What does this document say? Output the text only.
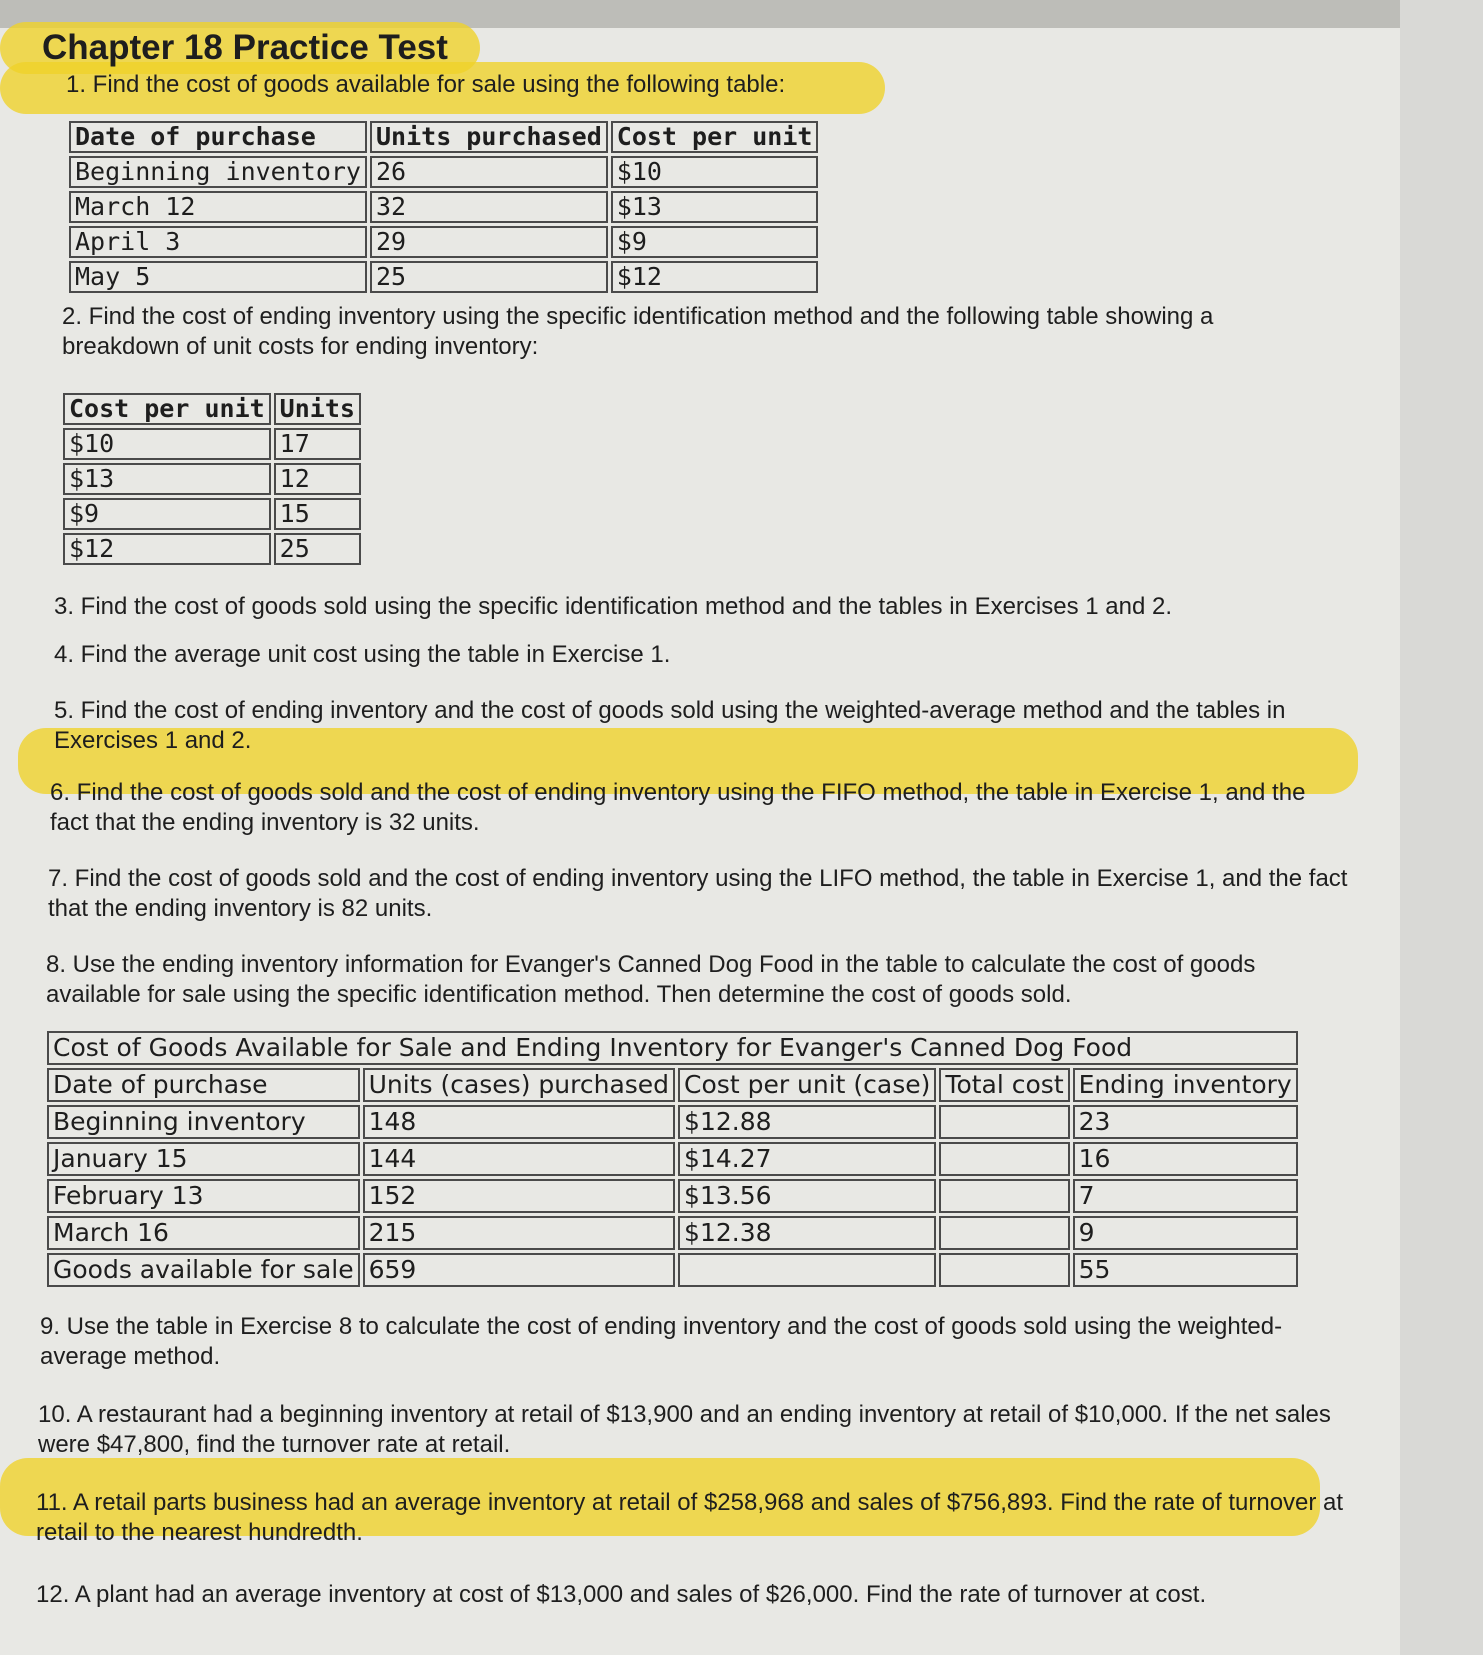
Chapter 18 Practice Test

1. Find the cost of goods available for sale using the following table:

Date of purchase	Units purchased	Cost per unit
Beginning inventory	26	$10
March 12	32	$13
April 3	29	$9
May 5	25	$12

2. Find the cost of ending inventory using the specific identification method and the following table showing a breakdown of unit costs for ending inventory:

Cost per unit	Units
$10	17
$13	12
$9	15
$12	25

3. Find the cost of goods sold using the specific identification method and the tables in Exercises 1 and 2.

4. Find the average unit cost using the table in Exercise 1.

5. Find the cost of ending inventory and the cost of goods sold using the weighted-average method and the tables in Exercises 1 and 2.

6. Find the cost of goods sold and the cost of ending inventory using the FIFO method, the table in Exercise 1, and the fact that the ending inventory is 32 units.

7. Find the cost of goods sold and the cost of ending inventory using the LIFO method, the table in Exercise 1, and the fact that the ending inventory is 82 units.

8. Use the ending inventory information for Evanger's Canned Dog Food in the table to calculate the cost of goods available for sale using the specific identification method. Then determine the cost of goods sold.

Cost of Goods Available for Sale and Ending Inventory for Evanger's Canned Dog Food				
Date of purchase	Units (cases) purchased	Cost per unit (case)	Total cost	Ending inventory
Beginning inventory	148	$12.88		23
January 15	144	$14.27		16
February 13	152	$13.56		7
March 16	215	$12.38		9
Goods available for sale	659			55

9. Use the table in Exercise 8 to calculate the cost of ending inventory and the cost of goods sold using the weighted-average method.

10. A restaurant had a beginning inventory at retail of $13,900 and an ending inventory at retail of $10,000. If the net sales were $47,800, find the turnover rate at retail.

11. A retail parts business had an average inventory at retail of $258,968 and sales of $756,893. Find the rate of turnover at retail to the nearest hundredth.

12. A plant had an average inventory at cost of $13,000 and sales of $26,000. Find the rate of turnover at cost.
